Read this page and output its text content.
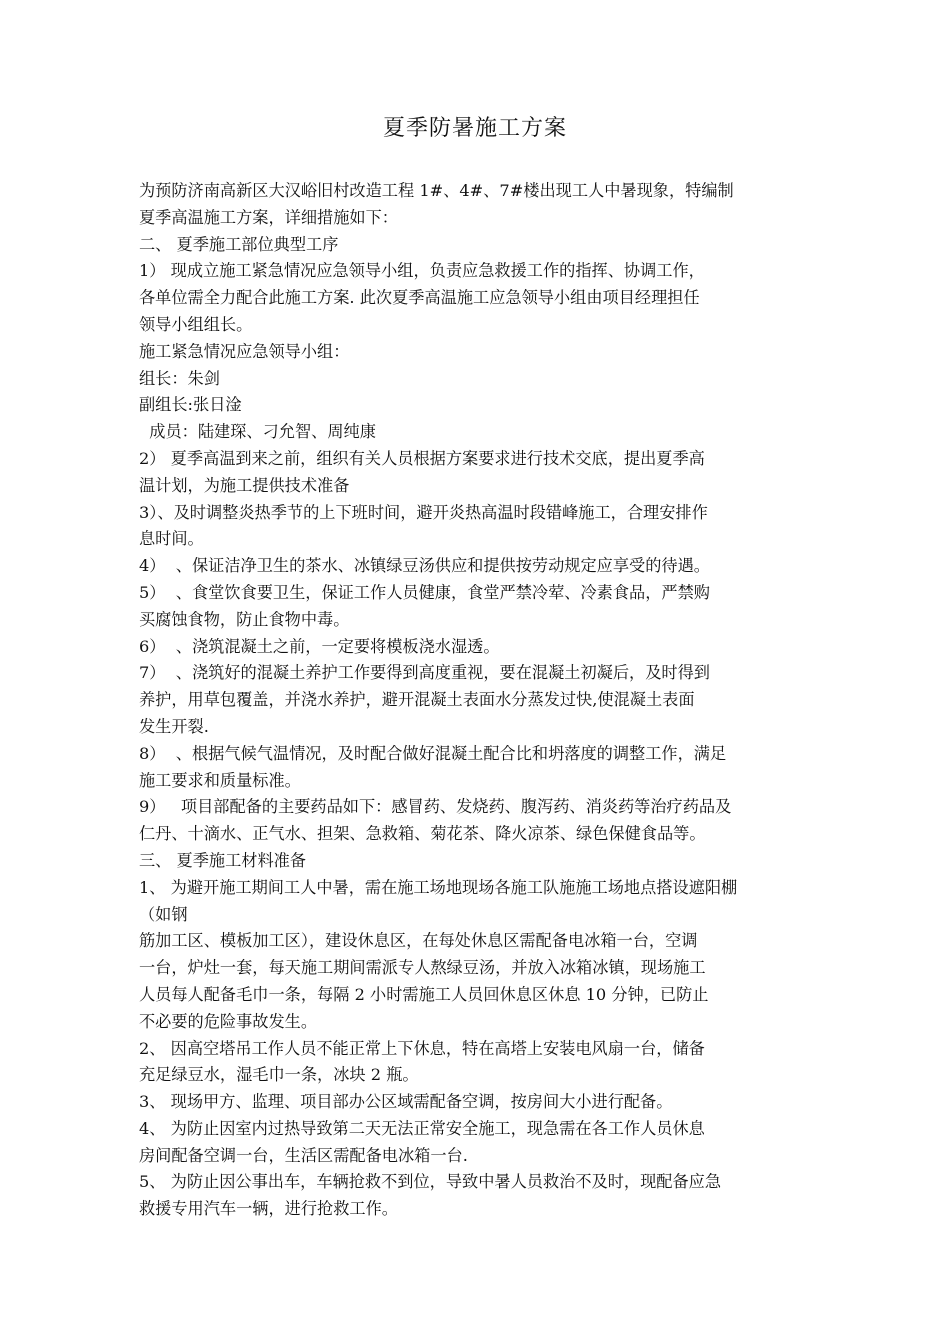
夏季防暑施工方案
为预防济南高新区大汉峪旧村改造工程 1#、4#、7#楼出现工人中暑现象，特编制
夏季高温施工方案，详细措施如下：
二、 夏季施工部位典型工序
1） 现成立施工紧急情况应急领导小组，负责应急救援工作的指挥、协调工作，
各单位需全力配合此施工方案. 此次夏季高温施工应急领导小组由项目经理担任
领导小组组长。
施工紧急情况应急领导小组：
组长：朱剑
副组长:张日淦
成员：陆建琛、刁允智、周纯康
2） 夏季高温到来之前，组织有关人员根据方案要求进行技术交底，提出夏季高
温计划，为施工提供技术准备
3）、及时调整炎热季节的上下班时间，避开炎热高温时段错峰施工，合理安排作
息时间。
4）  、保证洁净卫生的茶水、冰镇绿豆汤供应和提供按劳动规定应享受的待遇。
5）  、食堂饮食要卫生，保证工作人员健康，食堂严禁冷荤、冷素食品，严禁购
买腐蚀食物，防止食物中毒。
6）  、浇筑混凝土之前，一定要将模板浇水湿透。
7）  、浇筑好的混凝土养护工作要得到高度重视，要在混凝土初凝后，及时得到
养护，用草包覆盖，并浇水养护，避开混凝土表面水分蒸发过快,使混凝土表面
发生开裂.
8）  、根据气候气温情况，及时配合做好混凝土配合比和坍落度的调整工作，满足
施工要求和质量标准。
9）   项目部配备的主要药品如下：感冒药、发烧药、腹泻药、消炎药等治疗药品及
仁丹、十滴水、正气水、担架、急救箱、菊花茶、降火凉茶、绿色保健食品等。
三、 夏季施工材料准备
1、 为避开施工期间工人中暑，需在施工场地现场各施工队施施工场地点搭设遮阳棚
（如钢
筋加工区、模板加工区），建设休息区，在每处休息区需配备电冰箱一台，空调
一台，炉灶一套，每天施工期间需派专人熬绿豆汤，并放入冰箱冰镇，现场施工
人员每人配备毛巾一条，每隔 2 小时需施工人员回休息区休息 10 分钟，已防止
不必要的危险事故发生。
2、 因高空塔吊工作人员不能正常上下休息，特在高塔上安装电风扇一台，储备
充足绿豆水，湿毛巾一条，冰块 2 瓶。
3、 现场甲方、监理、项目部办公区域需配备空调，按房间大小进行配备。
4、 为防止因室内过热导致第二天无法正常安全施工，现急需在各工作人员休息
房间配备空调一台，生活区需配备电冰箱一台.
5、 为防止因公事出车，车辆抢救不到位，导致中暑人员救治不及时，现配备应急
救援专用汽车一辆，进行抢救工作。
